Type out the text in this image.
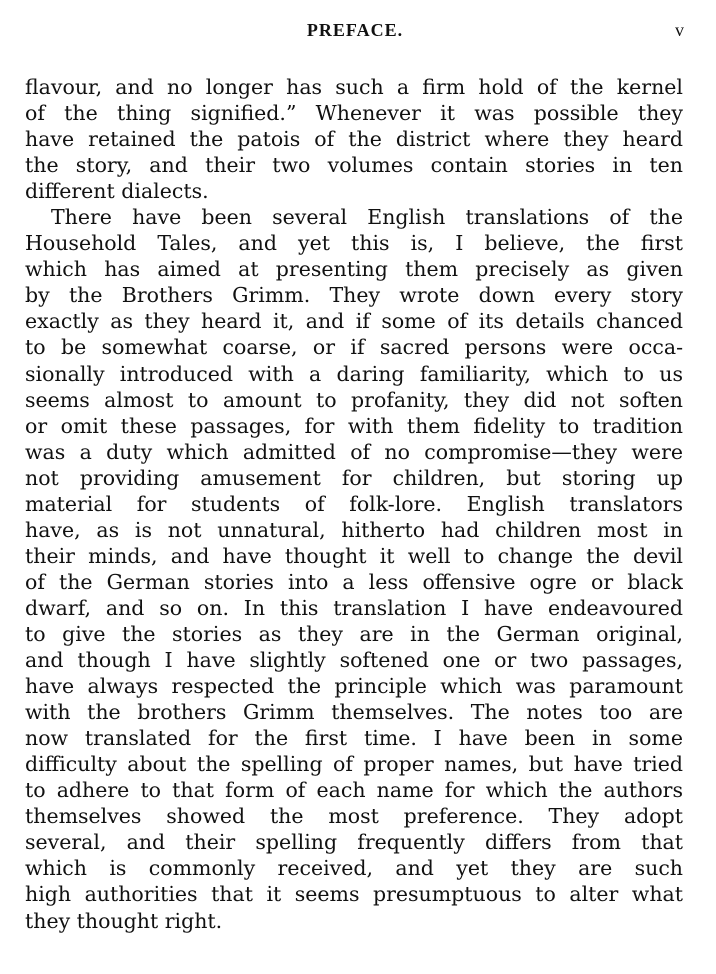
PREFACE.	v
flavour, and no longer has such a firm hold of the kernel
of the thing signified.” Whenever it was possible they
have retained the patois of the district where they heard
the story, and their two volumes contain stories in ten
different dialects.
There have been several English translations of the
Household Tales, and yet this is, I believe, the first
which has aimed at presenting them precisely as given
by the Brothers Grimm. They wrote down every story
exactly as they heard it, and if some of its details chanced
to be somewhat coarse, or if sacred persons were occa-
sionally introduced with a daring familiarity, which to us
seems almost to amount to profanity, they did not soften
or omit these passages, for with them fidelity to tradition
was a duty which admitted of no compromise—they were
not providing amusement for children, but storing up
material for students of folk-lore. English translators
have, as is not unnatural, hitherto had children most in
their minds, and have thought it well to change the devil
of the German stories into a less offensive ogre or black
dwarf, and so on. In this translation I have endeavoured
to give the stories as they are in the German original,
and though I have slightly softened one or two passages,
have always respected the principle which was paramount
with the brothers Grimm themselves. The notes too are
now translated for the first time. I have been in some
difficulty about the spelling of proper names, but have tried
to adhere to that form of each name for which the authors
themselves showed the most preference. They adopt
several, and their spelling frequently differs from that
which is commonly received, and yet they are such
high authorities that it seems presumptuous to alter what
they thought right.
